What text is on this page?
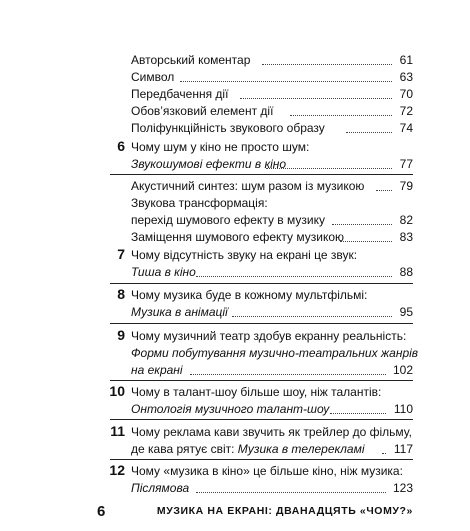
Авторський коментар	61
Символ	63
Передбачення дії	70
Обов’язковий елемент дії	72
Поліфункційність звукового образу	74
6 Чому шум у кіно не просто шум:
Звукошумові ефекти в кіно	77
Акустичний синтез: шум разом із музикою	79
Звукова трансформація:
перехід шумового ефекту в музику	82
Заміщення шумового ефекту музикою	83
7 Чому відсутність звуку на екрані це звук:
Тиша в кіно	88
8 Чому музика буде в кожному мультфільмі:
Музика в анімації	95
9 Чому музичний театр здобув екранну реальність:
Форми побутування музично-театральних жанрів
на екрані	102
10 Чому в талант-шоу більше шоу, ніж талантів:
Онтологія музичного талант-шоу	110
11 Чому реклама кави звучить як трейлер до фільму,
де кава рятує світ: Музика в телерекламі 117
12 Чому «музика в кіно» це більше кіно, ніж музика:
Післямова	123
6	МУЗИКА НА ЕКРАНІ: ДВАНАДЦЯТЬ «ЧОМУ?»
